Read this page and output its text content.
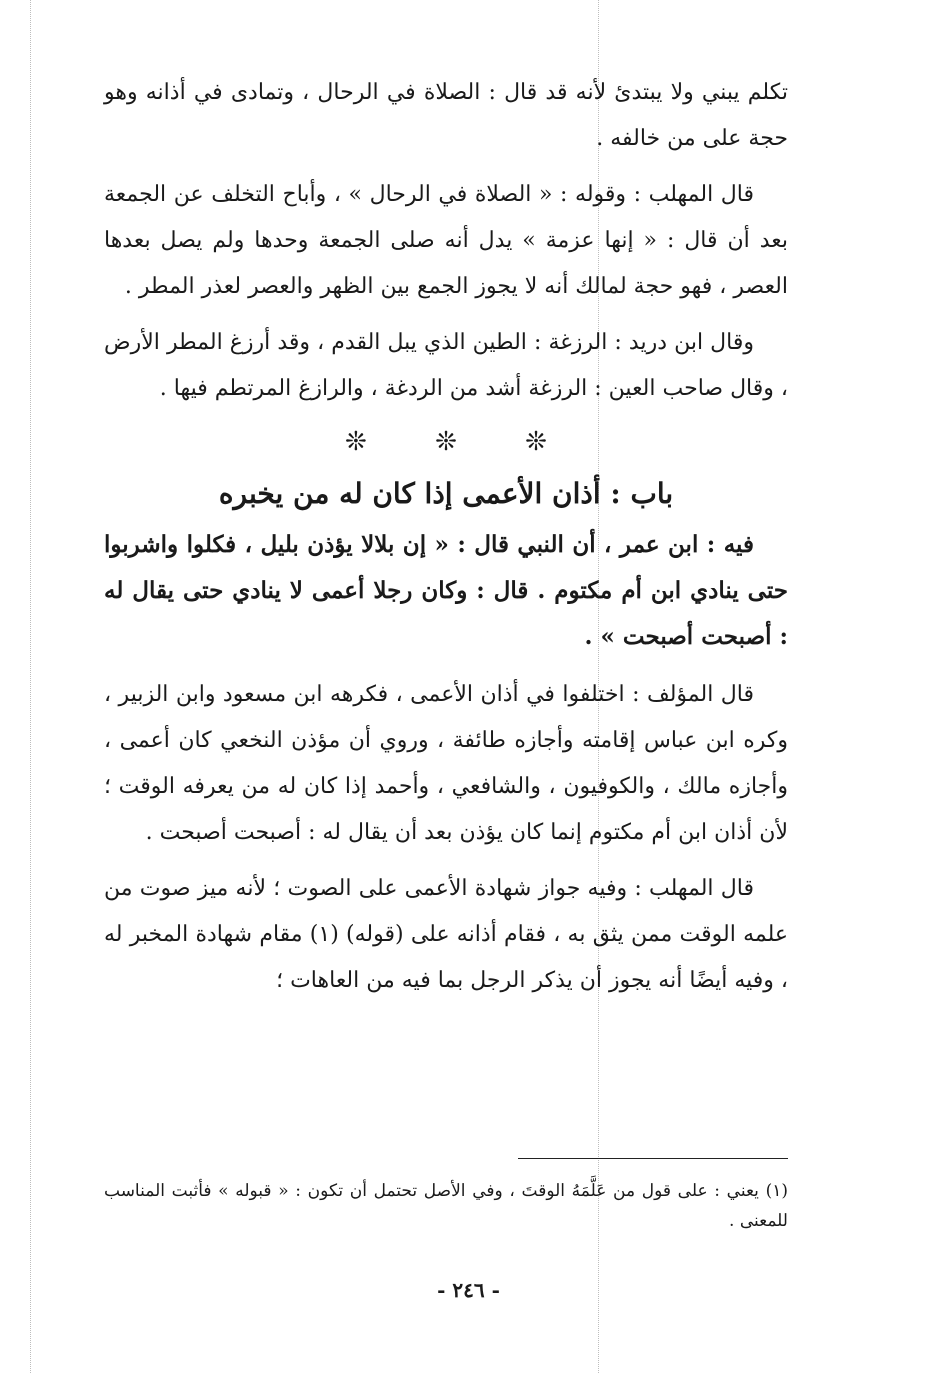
تكلم يبني ولا يبتدئ لأنه قد قال : الصلاة في الرحال ، وتمادى في أذانه وهو حجة على من خالفه .

قال المهلب : وقوله : « الصلاة في الرحال » ، وأباح التخلف عن الجمعة بعد أن قال : « إنها عزمة » يدل أنه صلى الجمعة وحدها ولم يصل بعدها العصر ، فهو حجة لمالك أنه لا يجوز الجمع بين الظهر والعصر لعذر المطر .

وقال ابن دريد : الرزغة : الطين الذي يبل القدم ، وقد أرزغ المطر الأرض ، وقال صاحب العين : الرزغة أشد من الردغة ، والرازغ المرتطم فيها .

❊ ❊ ❊
باب : أذان الأعمى إذا كان له من يخبره

فيه : ابن عمر ، أن النبي قال : « إن بلالا يؤذن بليل ، فكلوا واشربوا حتى ينادي ابن أم مكتوم . قال : وكان رجلا أعمى لا ينادي حتى يقال له : أصبحت أصبحت » .

قال المؤلف : اختلفوا في أذان الأعمى ، فكرهه ابن مسعود وابن الزبير ، وكره ابن عباس إقامته وأجازه طائفة ، وروي أن مؤذن النخعي كان أعمى ، وأجازه مالك ، والكوفيون ، والشافعي ، وأحمد إذا كان له من يعرفه الوقت ؛ لأن أذان ابن أم مكتوم إنما كان يؤذن بعد أن يقال له : أصبحت أصبحت .

قال المهلب : وفيه جواز شهادة الأعمى على الصوت ؛ لأنه ميز صوت من علمه الوقت ممن يثق به ، فقام أذانه على (قوله) (١) مقام شهادة المخبر له ، وفيه أيضًا أنه يجوز أن يذكر الرجل بما فيه من العاهات ؛

(١) يعني : على قول من عَلَّمَهُ الوقتَ ، وفي الأصل تحتمل أن تكون : « قبوله » فأثبت المناسب للمعنى .
- ٢٤٦ -
